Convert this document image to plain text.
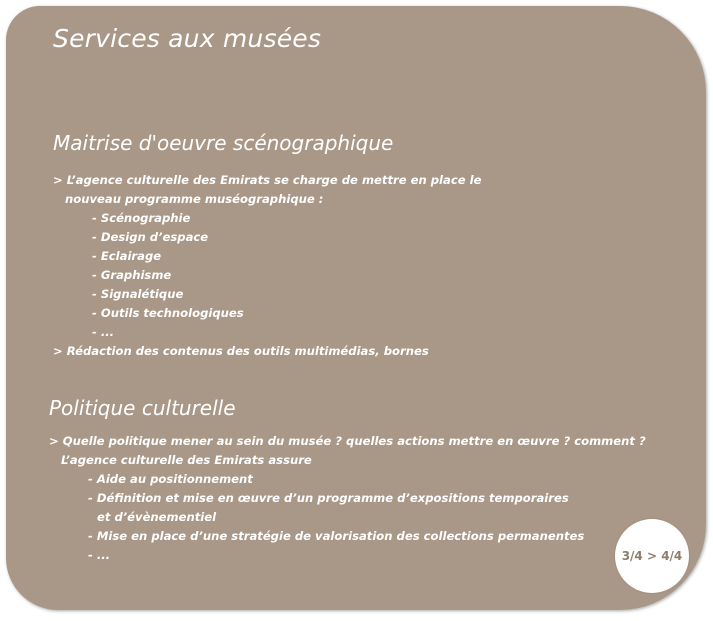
Services aux musées
Maitrise d'oeuvre scénographique
> L’agence culturelle des Emirats se charge de mettre en place le
nouveau programme muséographique :
- Scénographie
- Design d’espace
- Eclairage
- Graphisme
- Signalétique
- Outils technologiques
- ...
> Rédaction des contenus des outils multimédias, bornes
Politique culturelle
> Quelle politique mener au sein du musée ? quelles actions mettre en œuvre ? comment ?
L’agence culturelle des Emirats assure
- Aide au positionnement
- Définition et mise en œuvre d’un programme d’expositions temporaires
et d’évènementiel
- Mise en place d’une stratégie de valorisation des collections permanentes
- ...	3/4 > 4/4
